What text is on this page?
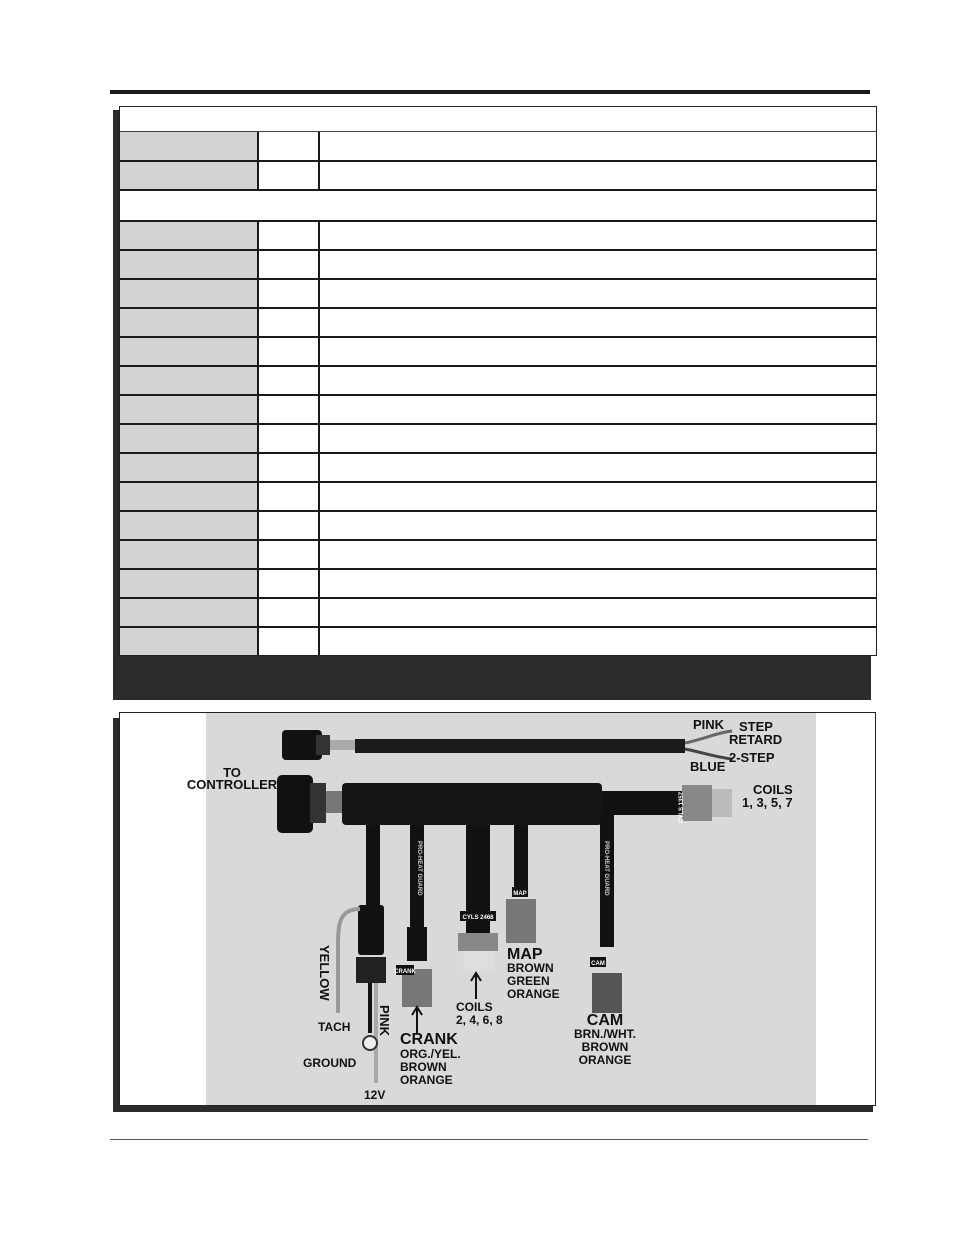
CRANK
MAP
CYLS 2468
CAM
PRO-HEAT GUARD	PRO-HEAT GUARD
CYLS 1357
TO
CONTROLLER
PINK STEP
RETARD
2-STEP
BLUE
COILS
1, 3, 5, 7
YELLOW
PINK
TACH
GROUND
12V
CRANK
ORG./YEL.
BROWN
ORANGE
COILS
2, 4, 6, 8
MAP
BROWN
GREEN
ORANGE
CAM
BRN./WHT.
BROWN
ORANGE
